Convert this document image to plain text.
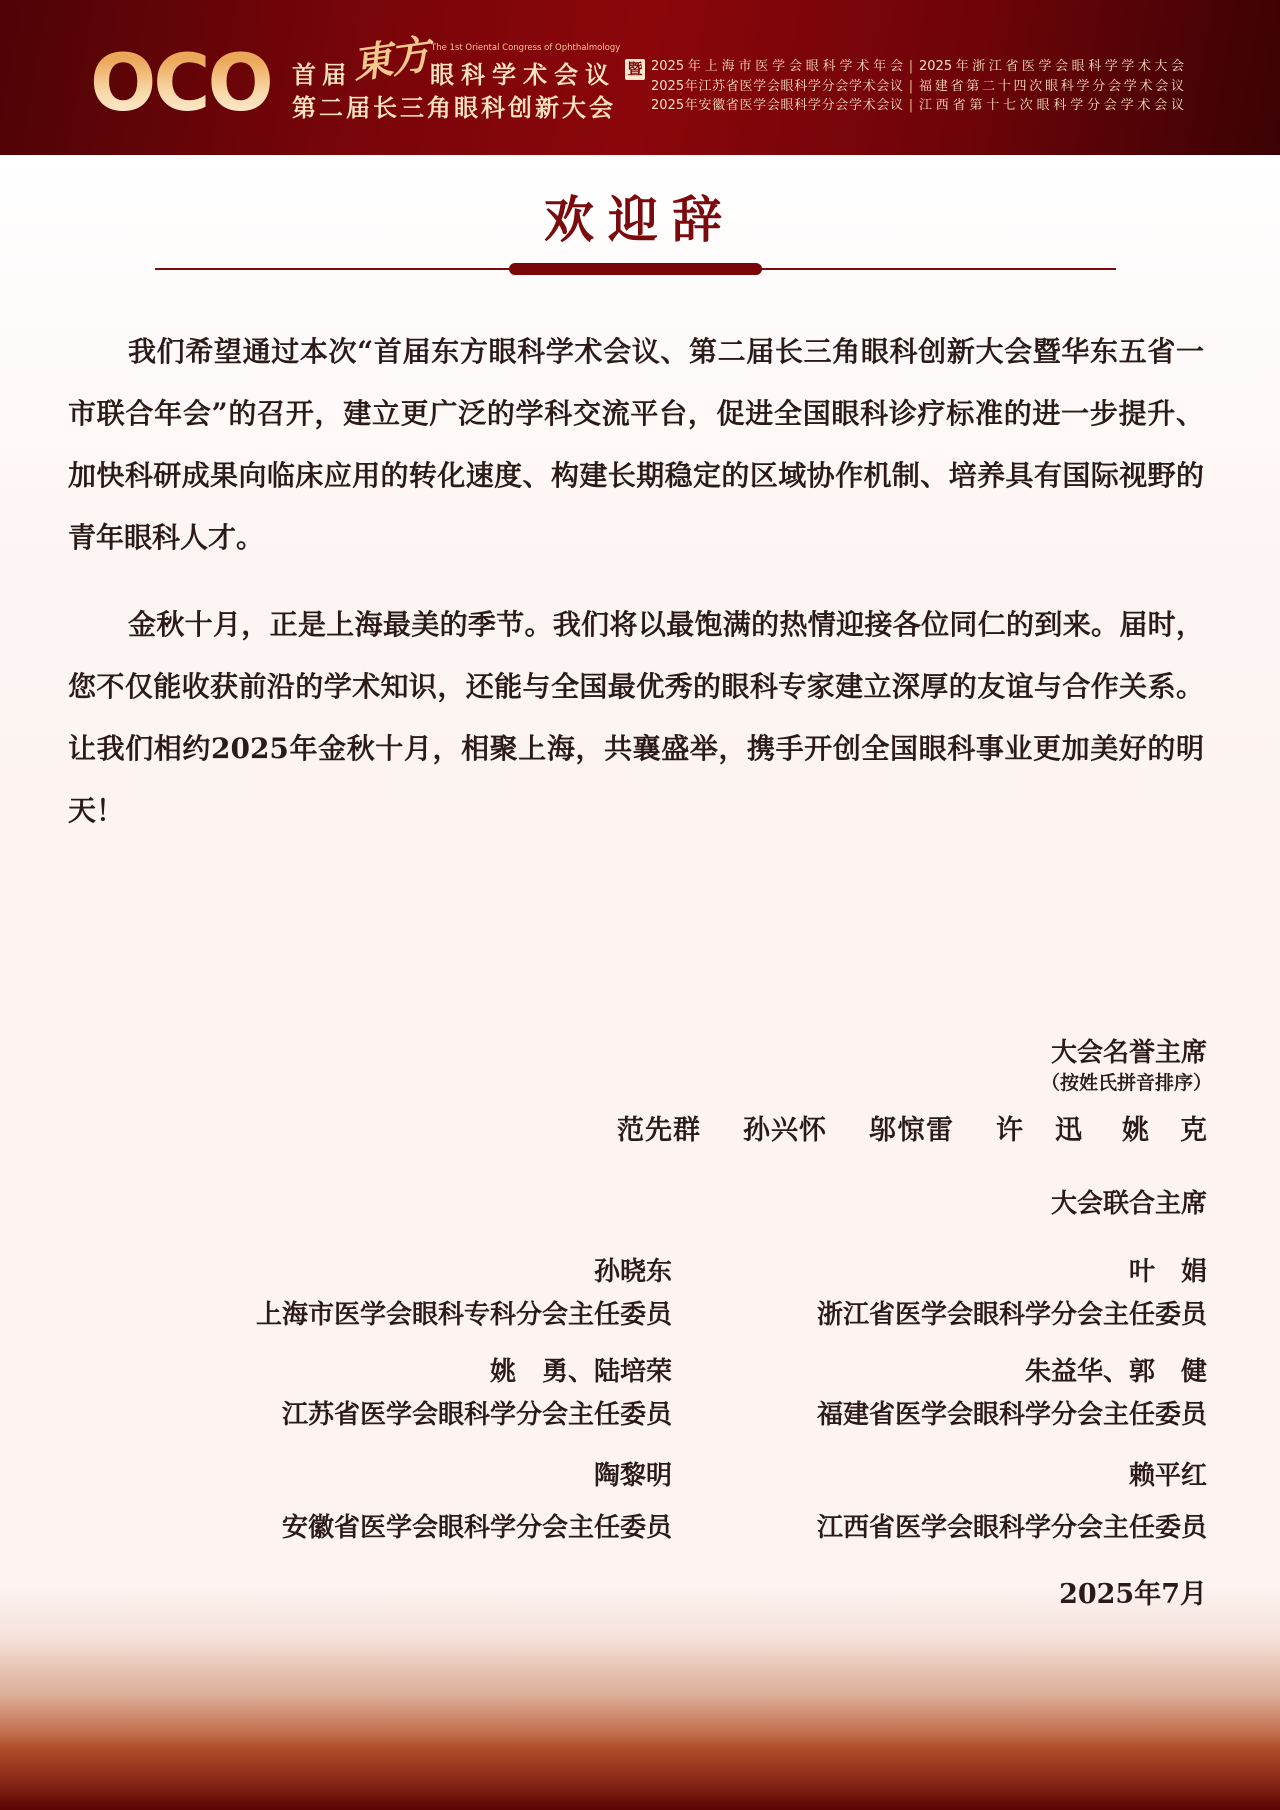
OCO	The 1st Oriental Congress of Ophthalmology
首届
東方
眼科学术会议
第二届长三角眼科创新大会
暨 2025年上海市医学会眼科学术年会 | 2025年浙江省医学会眼科学学术大会
2025年江苏省医学会眼科学分会学术会议 | 福建省第二十四次眼科学分会学术会议
2025年安徽省医学会眼科学分会学术会议 | 江西省第十七次眼科学分会学术会议
欢迎辞

我们希望通过本次“首届东方眼科学术会议、第二届长三角眼科创新大会暨华东五省一市联合年会”的召开，建立更广泛的学科交流平台，促进全国眼科诊疗标准的进一步提升、加快科研成果向临床应用的转化速度、构建长期稳定的区域协作机制、培养具有国际视野的青年眼科人才。

金秋十月，正是上海最美的季节。我们将以最饱满的热情迎接各位同仁的到来。届时，您不仅能收获前沿的学术知识，还能与全国最优秀的眼科专家建立深厚的友谊与合作关系。让我们相约2025年金秋十月，相聚上海，共襄盛举，携手开创全国眼科事业更加美好的明天！

大会名誉主席
（按姓氏拼音排序）
范先群 孙兴怀 邬惊雷 许迅 姚克
大会联合主席
孙晓东
上海市医学会眼科专科分会主任委员
叶　娟
浙江省医学会眼科学分会主任委员
姚　勇、陆培荣
江苏省医学会眼科学分会主任委员
朱益华、郭　健
福建省医学会眼科学分会主任委员
陶黎明
安徽省医学会眼科学分会主任委员
赖平红
江西省医学会眼科学分会主任委员
2025年7月
